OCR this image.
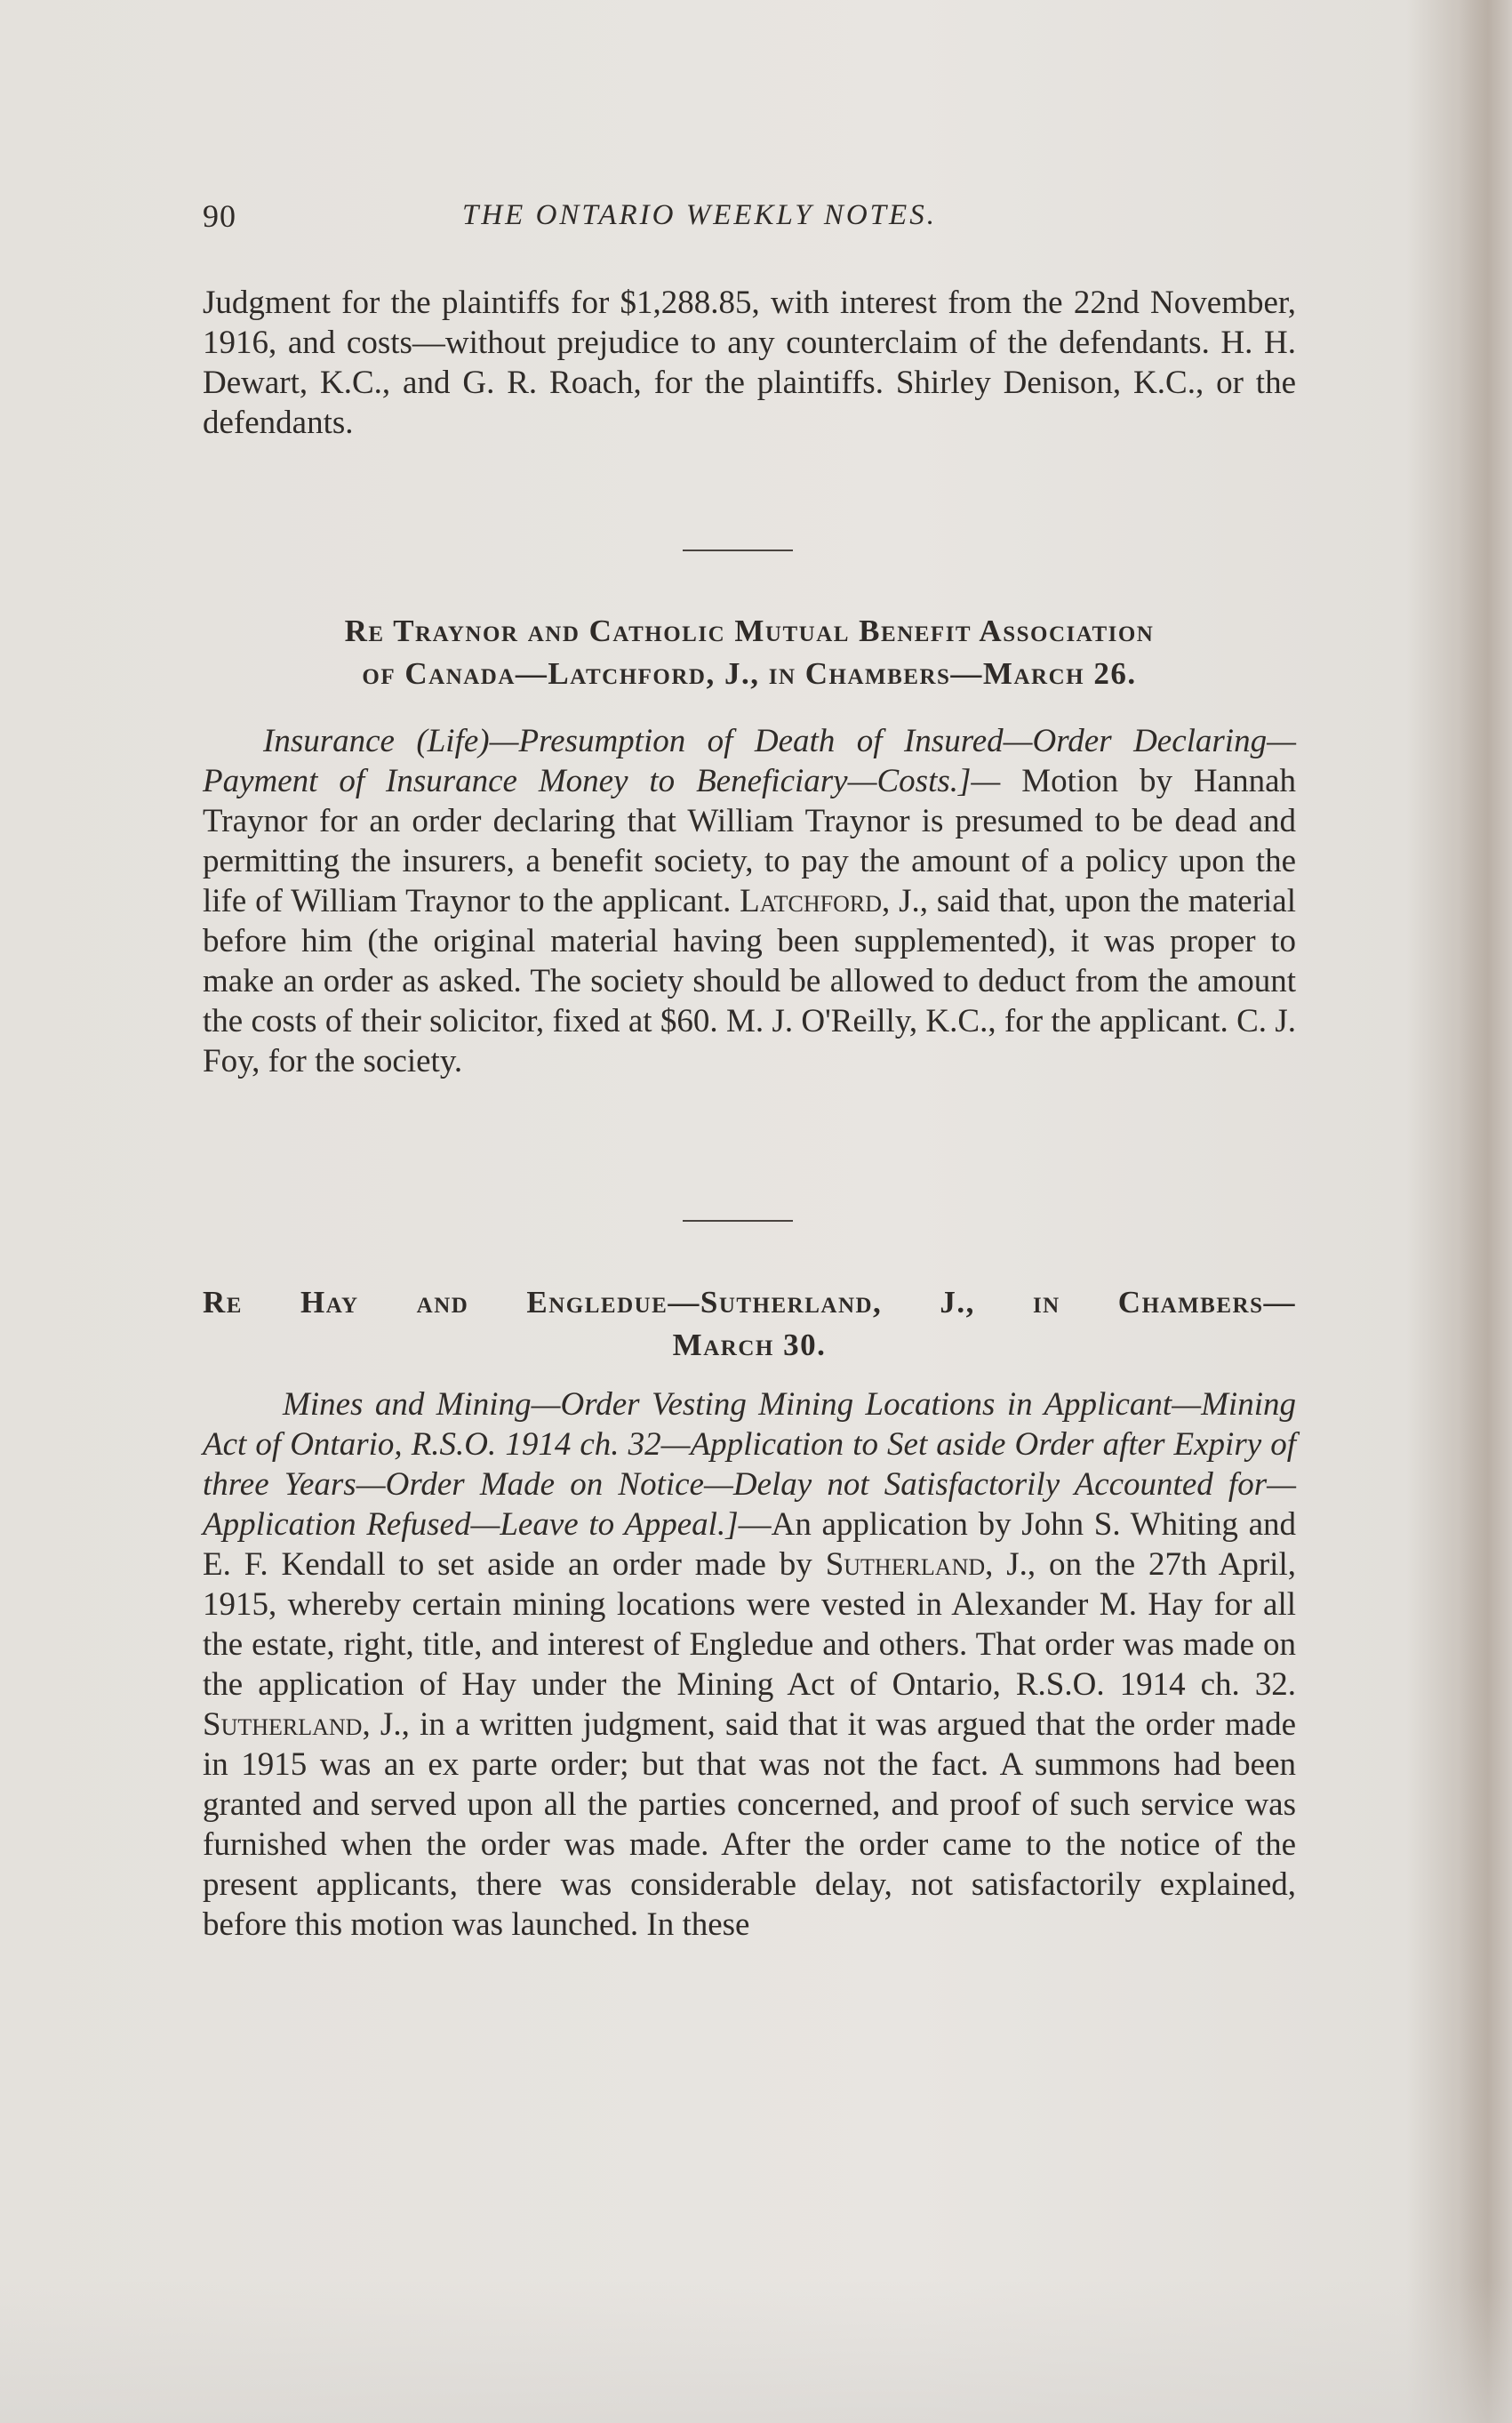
90	THE ONTARIO WEEKLY NOTES.

Judgment for the plaintiffs for $1,288.85, with interest from the 22nd November, 1916, and costs—without prejudice to any counterclaim of the defendants. H. H. Dewart, K.C., and G. R. Roach, for the plaintiffs. Shirley Denison, K.C., or the defendants.

Re Traynor and Catholic Mutual Benefit Association
of Canada—Latchford, J., in Chambers—March 26.

Insurance (Life)—Presumption of Death of Insured—Order Declaring—Payment of Insurance Money to Beneficiary—Costs.]— Motion by Hannah Traynor for an order declaring that William Traynor is presumed to be dead and permitting the insurers, a benefit society, to pay the amount of a policy upon the life of William Traynor to the applicant. Latchford, J., said that, upon the material before him (the original material having been supplemented), it was proper to make an order as asked. The society should be allowed to deduct from the amount the costs of their solicitor, fixed at $60. M. J. O'Reilly, K.C., for the applicant. C. J. Foy, for the society.

Re Hay and Engledue—Sutherland, J., in Chambers—
March 30.

Mines and Mining—Order Vesting Mining Locations in Applicant—Mining Act of Ontario, R.S.O. 1914 ch. 32—Application to Set aside Order after Expiry of three Years—Order Made on Notice—Delay not Satisfactorily Accounted for—Application Refused—Leave to Appeal.]—An application by John S. Whiting and E. F. Kendall to set aside an order made by Sutherland, J., on the 27th April, 1915, whereby certain mining locations were vested in Alexander M. Hay for all the estate, right, title, and interest of Engledue and others. That order was made on the application of Hay under the Mining Act of Ontario, R.S.O. 1914 ch. 32. Sutherland, J., in a written judgment, said that it was argued that the order made in 1915 was an ex parte order; but that was not the fact. A summons had been granted and served upon all the parties concerned, and proof of such service was furnished when the order was made. After the order came to the notice of the present applicants, there was considerable delay, not satisfactorily explained, before this motion was launched. In these
